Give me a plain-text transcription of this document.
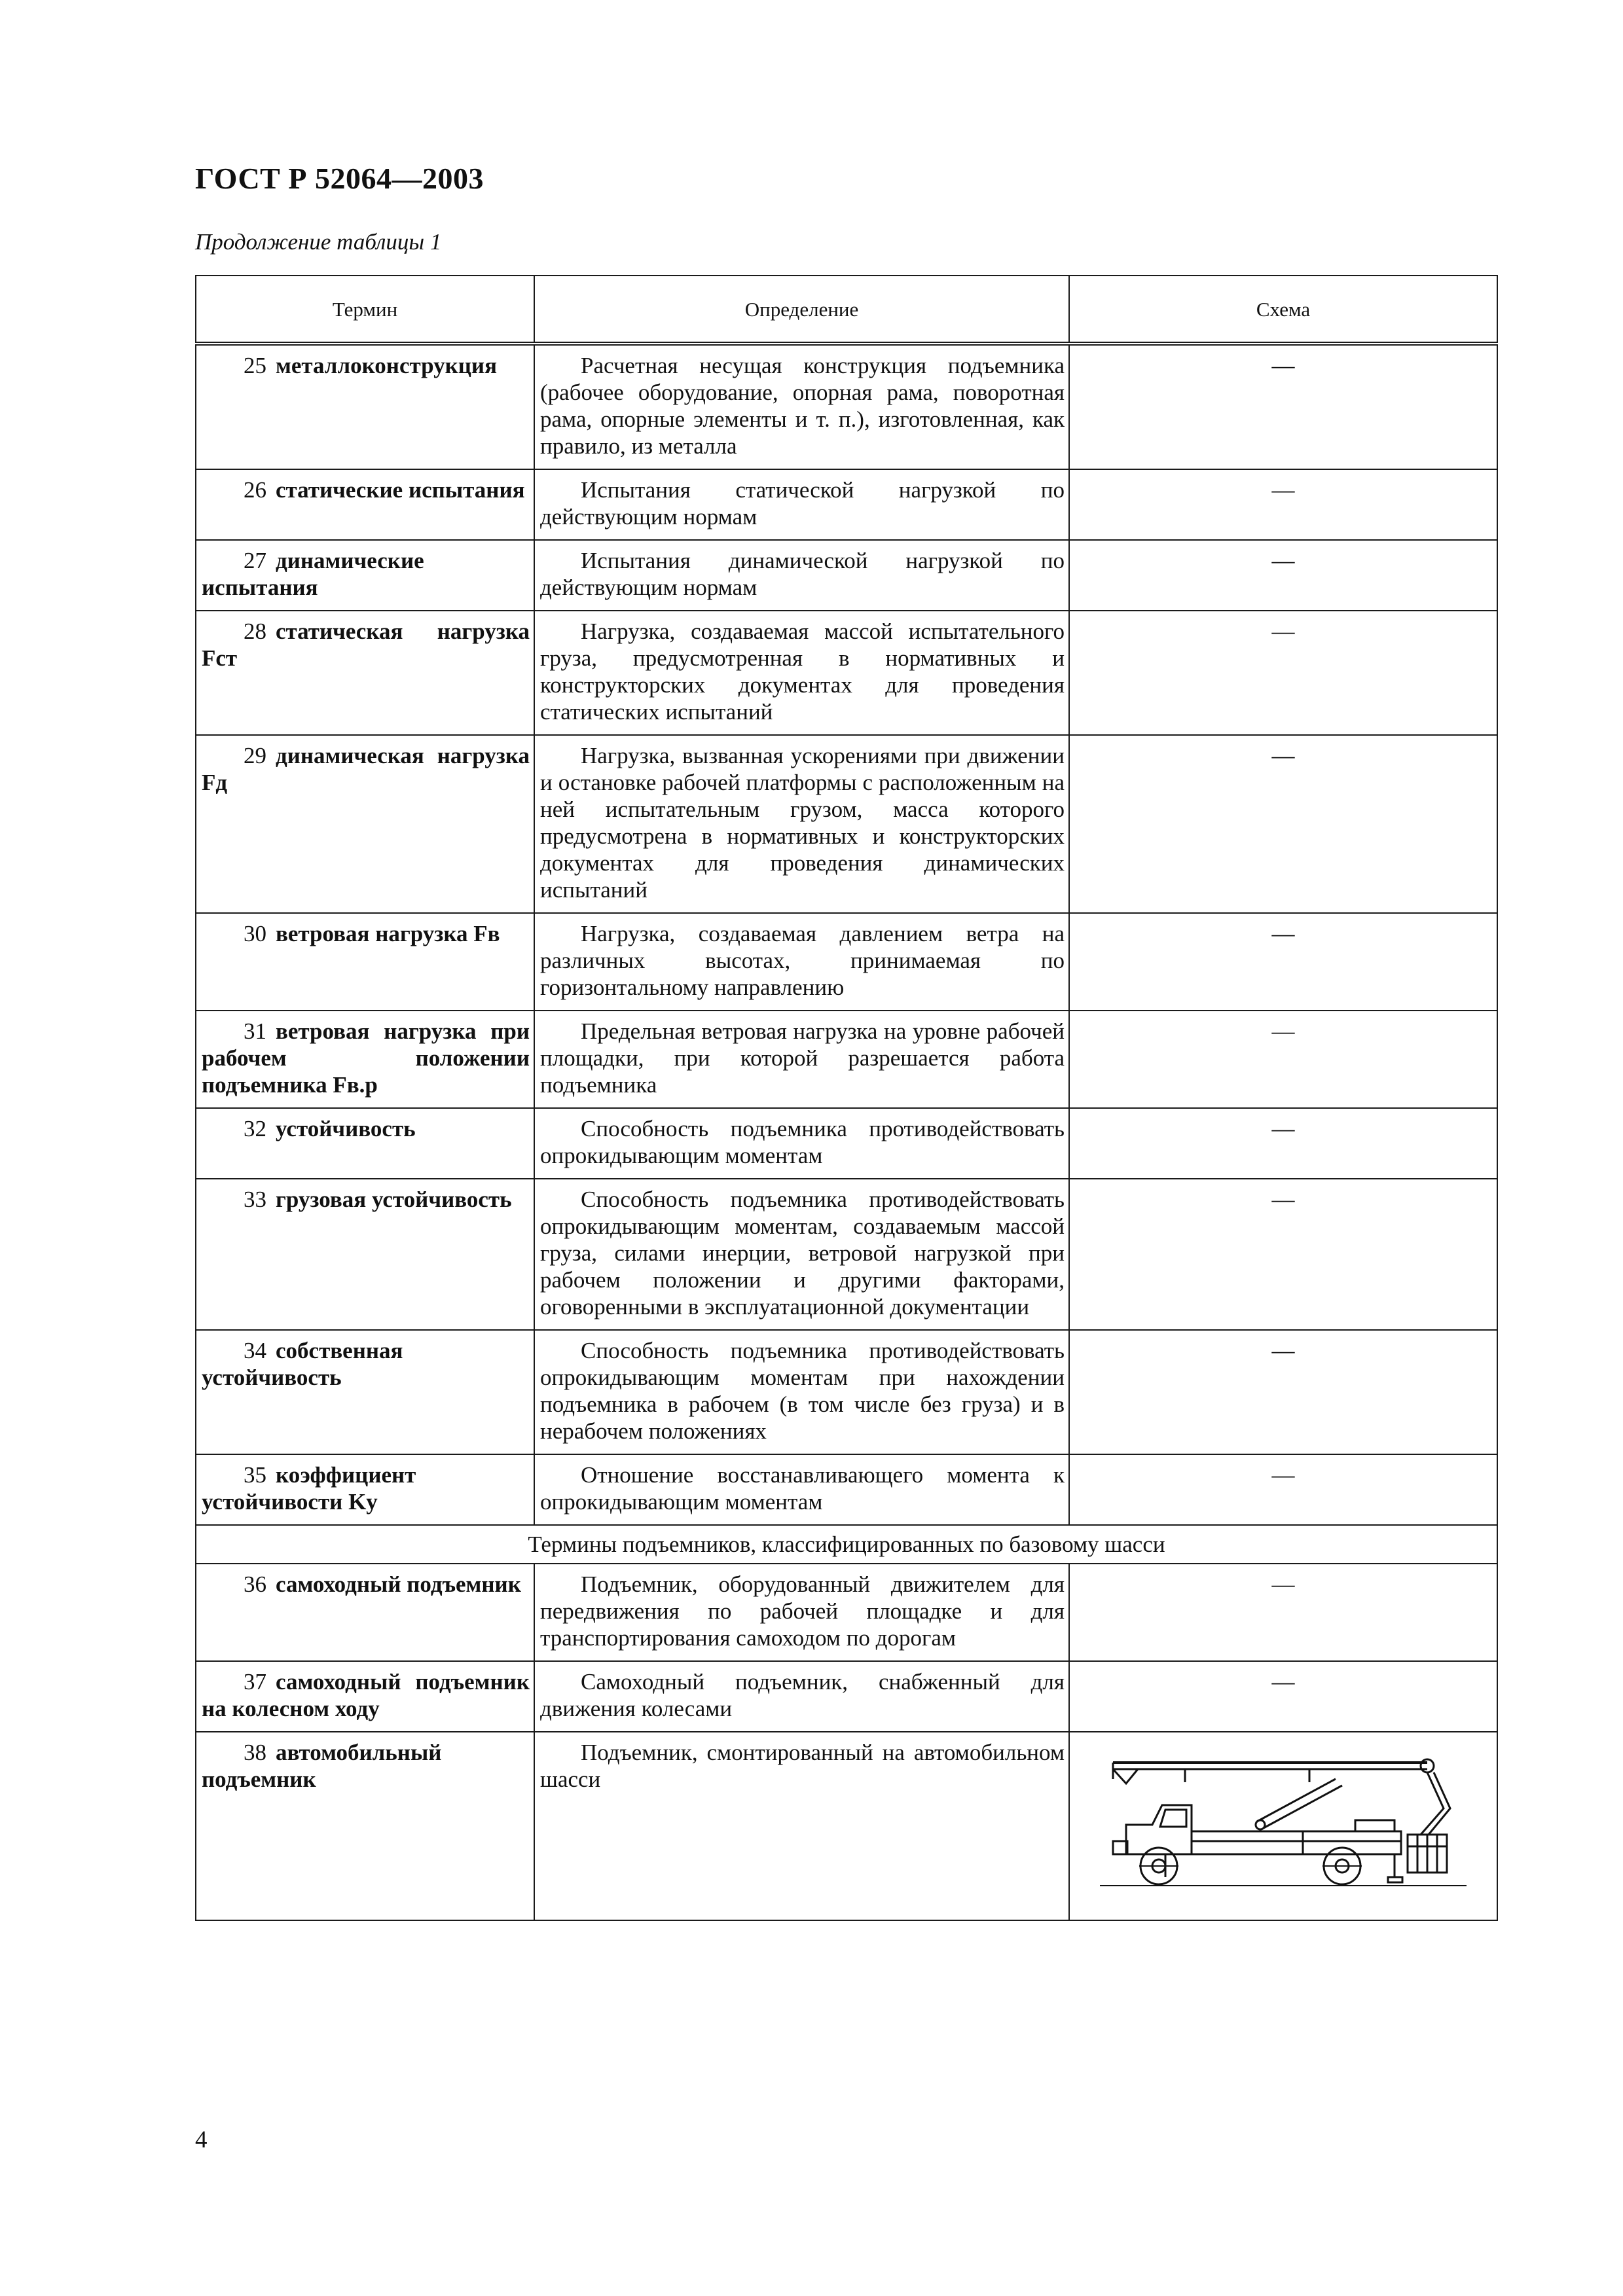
ГОСТ Р 52064—2003
Продолжение таблицы 1
Термин	Определение	Схема
25 металлоконструкция	Расчетная несущая конструкция подъемника (рабочее оборудование, опорная рама, поворотная рама, опорные элементы и т. п.), изготовленная, как правило, из металла	—
26 статические испытания	Испытания статической нагрузкой по действующим нормам	—
27 динамические испытания	Испытания динамической нагрузкой по действующим нормам	—
28 статическая нагрузка Fст	Нагрузка, создаваемая массой испытательного груза, предусмотренная в нормативных и конструкторских документах для проведения статических испытаний	—
29 динамическая нагрузка Fд	Нагрузка, вызванная ускорениями при движении и остановке рабочей платформы с расположенным на ней испытательным грузом, масса которого предусмотрена в нормативных и конструкторских документах для проведения динамических испытаний	—
30 ветровая нагрузка Fв	Нагрузка, создаваемая давлением ветра на различных высотах, принимаемая по горизонтальному направлению	—
31 ветровая нагрузка при рабочем положении подъемника Fв.р	Предельная ветровая нагрузка на уровне рабочей площадки, при которой разрешается работа подъемника	—
32 устойчивость	Способность подъемника противодействовать опрокидывающим моментам	—
33 грузовая устойчивость	Способность подъемника противодействовать опрокидывающим моментам, создаваемым массой груза, силами инерции, ветровой нагрузкой при рабочем положении и другими факторами, оговоренными в эксплуатационной документации	—
34 собственная устойчивость	Способность подъемника противодействовать опрокидывающим моментам при нахождении подъемника в рабочем (в том числе без груза) и в нерабочем положениях	—
35 коэффициент устойчивости Kу	Отношение восстанавливающего момента к опрокидывающим моментам	—
Термины подъемников, классифицированных по базовому шасси		
36 самоходный подъемник	Подъемник, оборудованный движителем для передвижения по рабочей площадке и для транспортирования самоходом по дорогам	—
37 самоходный подъемник на колесном ходу	Самоходный подъемник, снабженный для движения колесами	—
38 автомобильный подъемник	Подъемник, смонтированный на автомобильном шасси	
4
